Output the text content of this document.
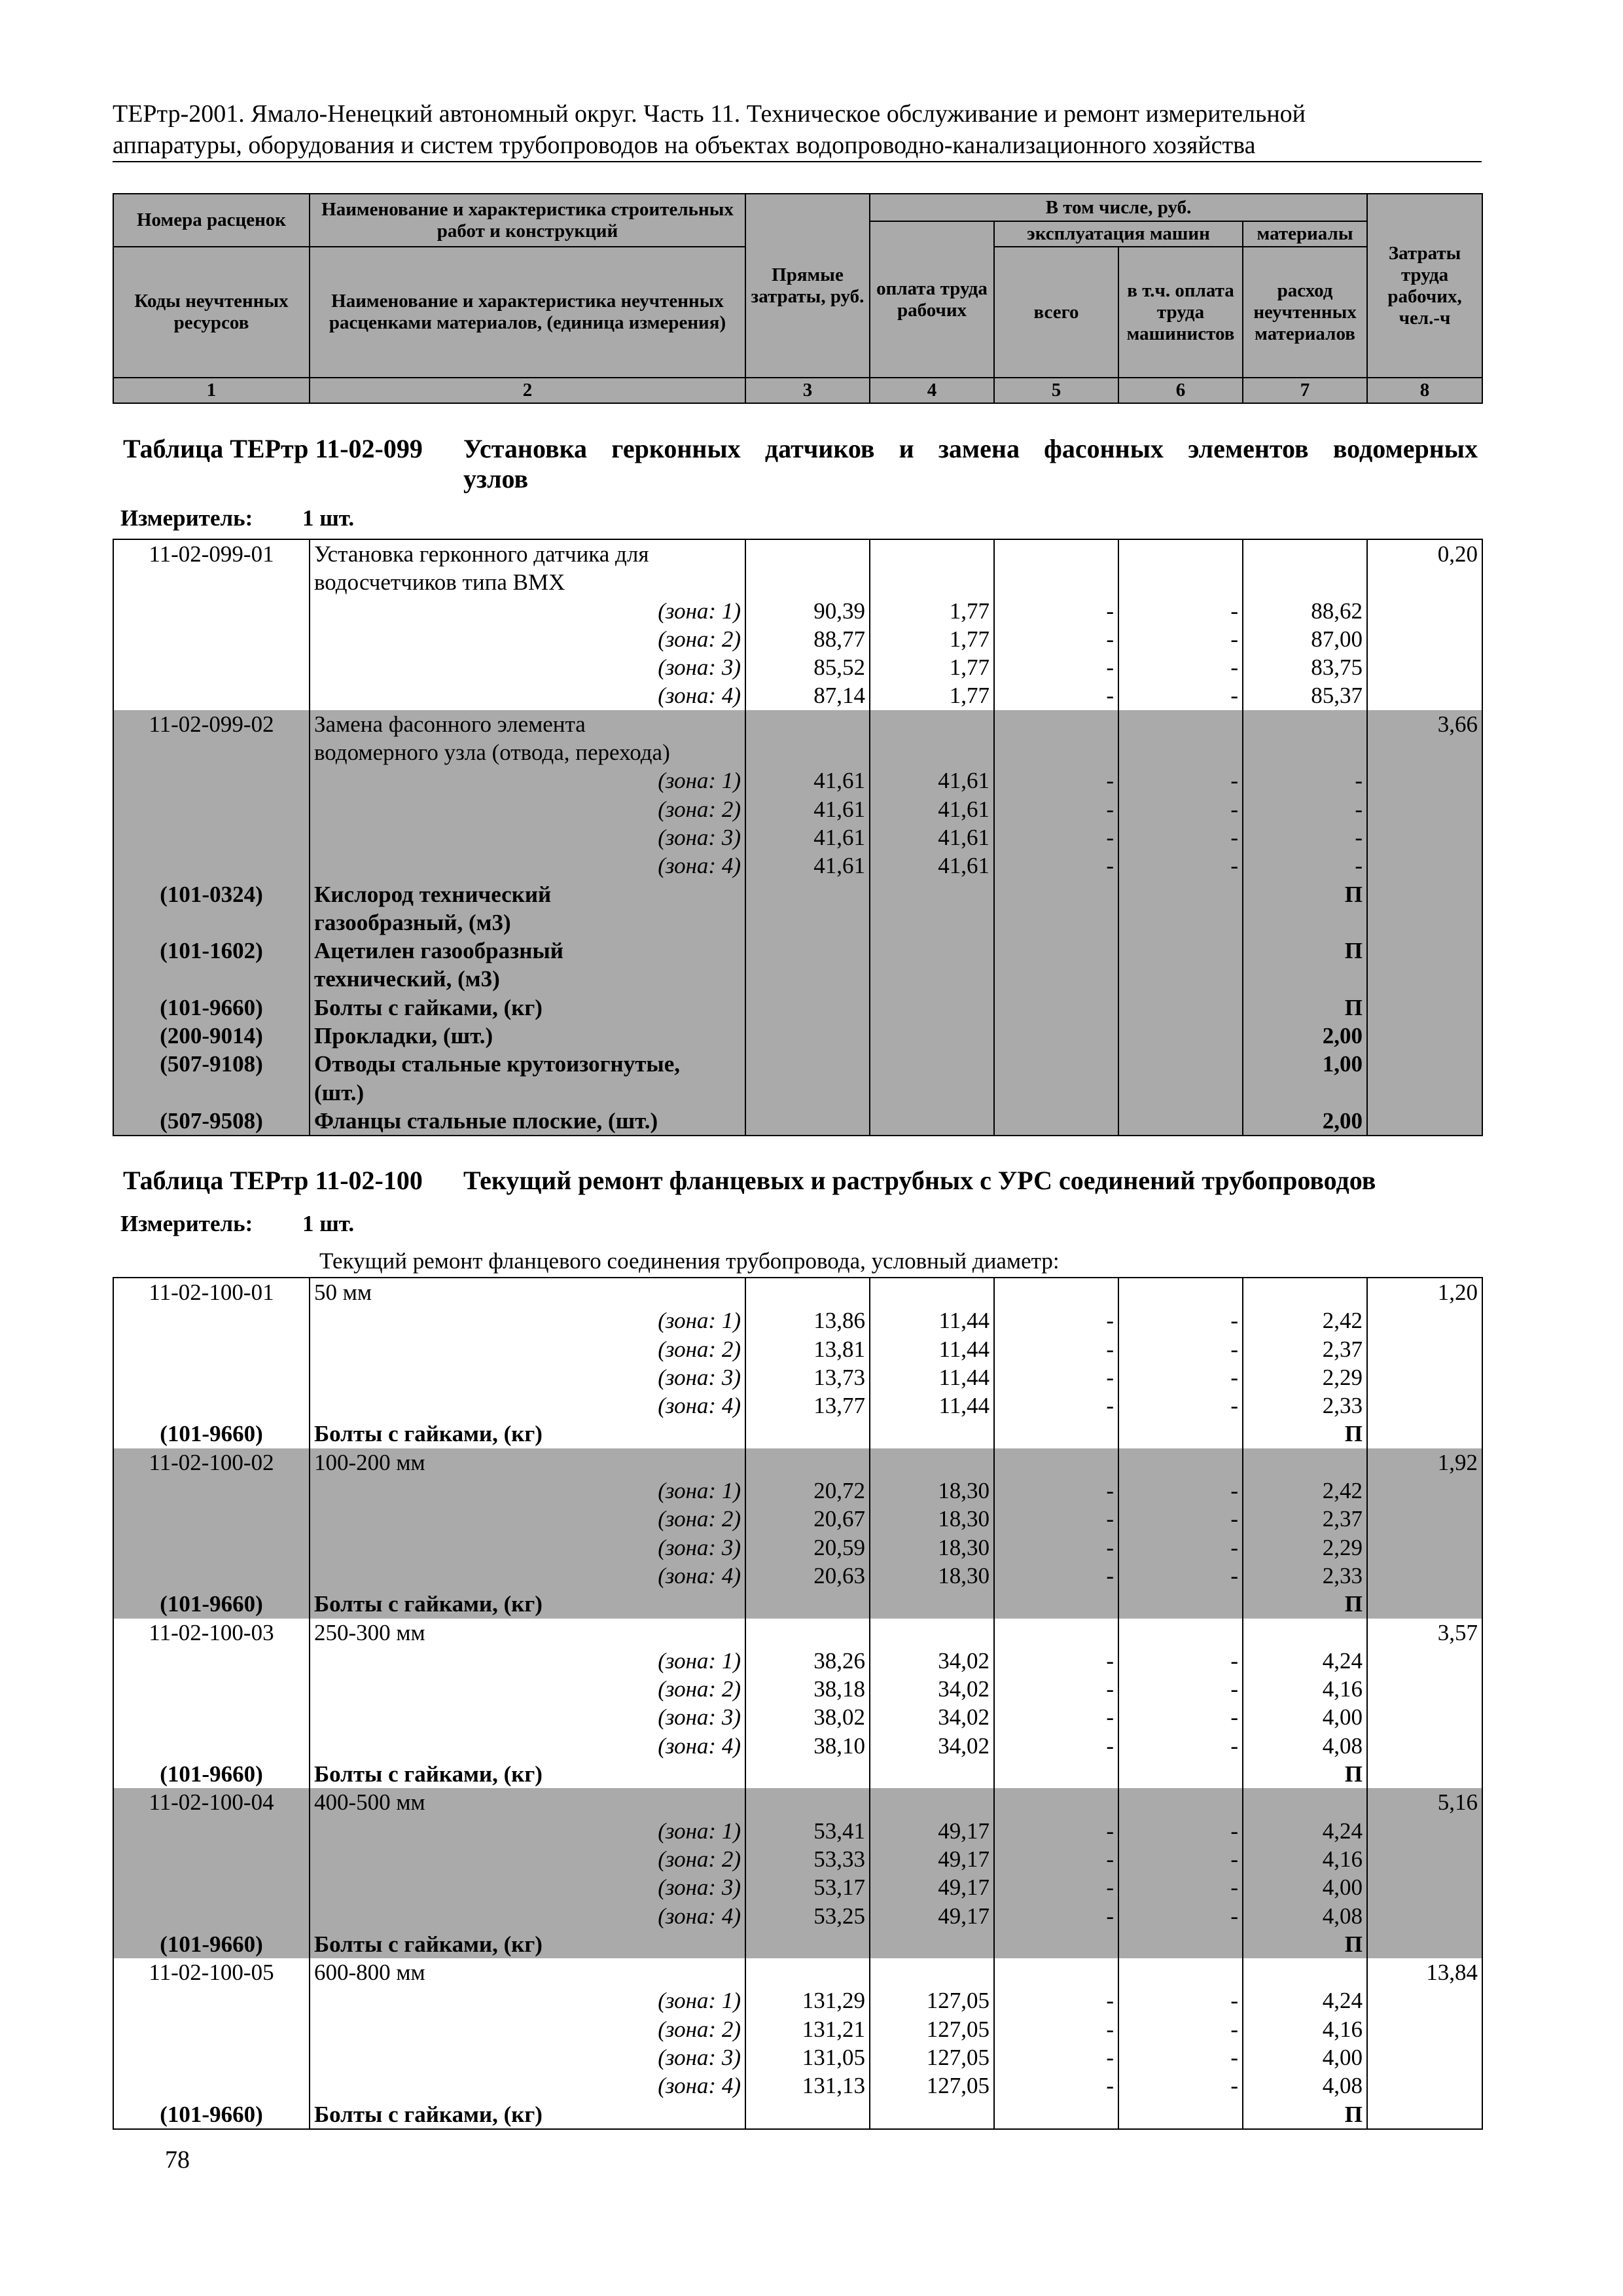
ТЕРтр-2001. Ямало-Ненецкий автономный округ. Часть 11. Техническое обслуживание и ремонт измерительной
аппаратуры, оборудования и систем трубопроводов на объектах водопроводно-канализационного хозяйства
Номера расценок	Наименование и характеристика строительных работ и конструкций	Прямые затраты, руб.	В том числе, руб.				Затраты труда рабочих, чел.-ч
			оплата труда рабочих	эксплуатация машин		материалы	
Коды неучтенных ресурсов	Наименование и характеристика неучтенных расценками материалов, (единица измерения)			всего	в т.ч. оплата труда машинистов	расход неучтенных материалов	

1	2	3	4	5	6	7	8
Таблица ТЕРтр 11-02-099 Установка герконных датчиков и замена фасонных элементов водомерных
узлов
Измеритель: 1 шт.
11-02-099-01	Установка герконного датчика для						0,20
	водосчетчиков типа ВМХ						
	(зона: 1)	90,39	1,77	-	-	88,62	
	(зона: 2)	88,77	1,77	-	-	87,00	
	(зона: 3)	85,52	1,77	-	-	83,75	
	(зона: 4)	87,14	1,77	-	-	85,37	
11-02-099-02	Замена фасонного элемента						3,66
	водомерного узла (отвода, перехода)						
	(зона: 1)	41,61	41,61	-	-	-	
	(зона: 2)	41,61	41,61	-	-	-	
	(зона: 3)	41,61	41,61	-	-	-	
	(зона: 4)	41,61	41,61	-	-	-	
(101-0324)	Кислород технический					П	
	газообразный, (м3)						
(101-1602)	Ацетилен газообразный					П	
	технический, (м3)						
(101-9660)	Болты с гайками, (кг)					П	
(200-9014)	Прокладки, (шт.)					2,00	
(507-9108)	Отводы стальные крутоизогнутые,					1,00	
	(шт.)						
(507-9508)	Фланцы стальные плоские, (шт.)					2,00	
Таблица ТЕРтр 11-02-100 Текущий ремонт фланцевых и раструбных с УРС соединений трубопроводов
Измеритель: 1 шт.
Текущий ремонт фланцевого соединения трубопровода, условный диаметр:
11-02-100-01	50 мм						1,20
	(зона: 1)	13,86	11,44	-	-	2,42	
	(зона: 2)	13,81	11,44	-	-	2,37	
	(зона: 3)	13,73	11,44	-	-	2,29	
	(зона: 4)	13,77	11,44	-	-	2,33	
(101-9660)	Болты с гайками, (кг)					П	
11-02-100-02	100-200 мм						1,92
	(зона: 1)	20,72	18,30	-	-	2,42	
	(зона: 2)	20,67	18,30	-	-	2,37	
	(зона: 3)	20,59	18,30	-	-	2,29	
	(зона: 4)	20,63	18,30	-	-	2,33	
(101-9660)	Болты с гайками, (кг)					П	
11-02-100-03	250-300 мм						3,57
	(зона: 1)	38,26	34,02	-	-	4,24	
	(зона: 2)	38,18	34,02	-	-	4,16	
	(зона: 3)	38,02	34,02	-	-	4,00	
	(зона: 4)	38,10	34,02	-	-	4,08	
(101-9660)	Болты с гайками, (кг)					П	
11-02-100-04	400-500 мм						5,16
	(зона: 1)	53,41	49,17	-	-	4,24	
	(зона: 2)	53,33	49,17	-	-	4,16	
	(зона: 3)	53,17	49,17	-	-	4,00	
	(зона: 4)	53,25	49,17	-	-	4,08	
(101-9660)	Болты с гайками, (кг)					П	
11-02-100-05	600-800 мм						13,84
	(зона: 1)	131,29	127,05	-	-	4,24	
	(зона: 2)	131,21	127,05	-	-	4,16	
	(зона: 3)	131,05	127,05	-	-	4,00	
	(зона: 4)	131,13	127,05	-	-	4,08	
(101-9660)	Болты с гайками, (кг)					П	
78
